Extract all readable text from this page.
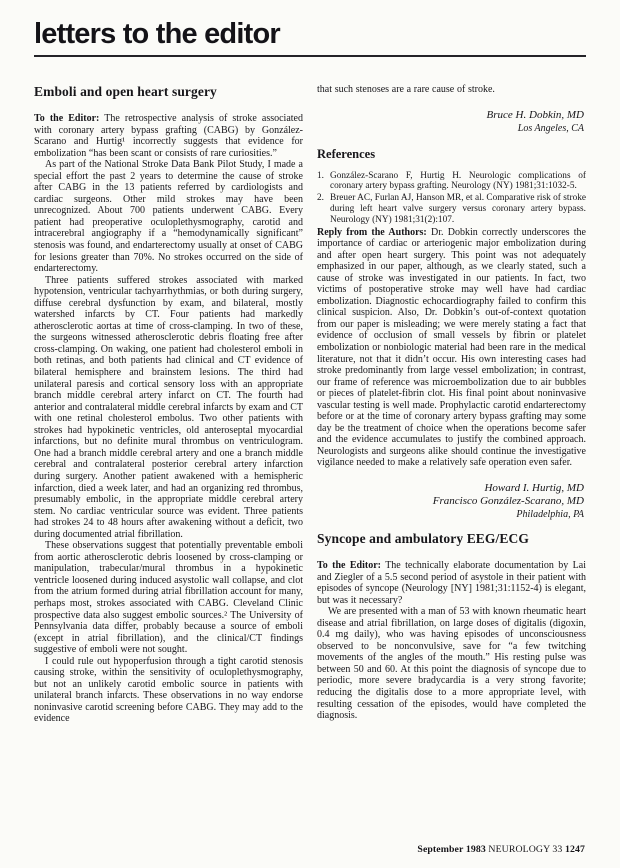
letters to the editor
Emboli and open heart surgery

To the Editor: The retrospective analysis of stroke associated with coronary artery bypass grafting (CABG) by González-Scarano and Hurtig¹ incorrectly suggests that evidence for embolization “has been scant or consists of rare curiosities.”

As part of the National Stroke Data Bank Pilot Study, I made a special effort the past 2 years to determine the cause of stroke after CABG in the 13 patients referred by cardiologists and cardiac surgeons. Other mild strokes may have been unrecognized. About 700 patients underwent CABG. Every patient had preoperative oculoplethysmography, carotid and intracerebral angiography if a “hemodynamically significant” stenosis was found, and endarterectomy usually at onset of CABG for lesions greater than 70%. No strokes occurred on the side of endarterectomy.

Three patients suffered strokes associated with marked hypotension, ventricular tachyarrhythmias, or both during surgery, diffuse cerebral dysfunction by exam, and bilateral, mostly watershed infarcts by CT. Four patients had markedly atherosclerotic aortas at time of cross-clamping. In two of these, the surgeons witnessed atherosclerotic debris floating free after cross-clamping. On waking, one patient had cholesterol emboli in both retinas, and both patients had clinical and CT evidence of bilateral hemisphere and brainstem lesions. The third had unilateral paresis and cortical sensory loss with an appropriate branch middle cerebral artery infarct on CT. The fourth had anterior and contralateral middle cerebral infarcts by exam and CT with one retinal cholesterol embolus. Two other patients with strokes had hypokinetic ventricles, old anteroseptal myocardial infarctions, but no definite mural thrombus on ventriculogram. One had a branch middle cerebral artery and one a branch middle cerebral and contralateral posterior cerebral artery infarction during surgery. Another patient awakened with a hemispheric infarction, died a week later, and had an organizing red thrombus, presumably embolic, in the appropriate middle cerebral artery stem. No cardiac ventricular source was evident. Three patients had strokes 24 to 48 hours after awakening without a deficit, two during documented atrial fibrillation.

These observations suggest that potentially preventable emboli from aortic atherosclerotic debris loosened by cross-clamping or manipulation, trabecular/mural thrombus in a hypokinetic ventricle loosened during induced asystolic wall collapse, and clot from the atrium formed during atrial fibrillation account for many, perhaps most, strokes associated with CABG. Cleveland Clinic prospective data also suggest embolic sources.² The University of Pennsylvania data differ, probably because a source of emboli (except in atrial fibrillation), and the clinical/CT findings suggestive of emboli were not sought.

I could rule out hypoperfusion through a tight carotid stenosis causing stroke, within the sensitivity of oculoplethysmography, but not an unlikely carotid embolic source in patients with unilateral branch infarcts. These observations in no way endorse noninvasive carotid screening before CABG. They may add to the evidence

that such stenoses are a rare cause of stroke.

Bruce H. Dobkin, MD
Los Angeles, CA
References
1. González-Scarano F, Hurtig H. Neurologic complications of coronary artery bypass grafting. Neurology (NY) 1981;31:1032-5.
2. Breuer AC, Furlan AJ, Hanson MR, et al. Comparative risk of stroke during left heart valve surgery versus coronary artery bypass. Neurology (NY) 1981;31(2):107.

Reply from the Authors: Dr. Dobkin correctly underscores the importance of cardiac or arteriogenic major embolization during and after open heart surgery. This point was not adequately emphasized in our paper, although, as we clearly stated, such a cause of stroke was investigated in our patients. In fact, two victims of postoperative stroke may well have had cardiac embolization. Diagnostic echocardiography failed to confirm this clinical suspicion. Also, Dr. Dobkin’s out-of-context quotation from our paper is misleading; we were merely stating a fact that evidence of occlusion of small vessels by fibrin or platelet embolization or nonbiologic material had been rare in the medical literature, not that it didn’t occur. His own interesting cases had stroke predominantly from large vessel embolization; in contrast, our frame of reference was microembolization due to air bubbles or pieces of platelet-fibrin clot. His final point about noninvasive vascular testing is well made. Prophylactic carotid endarterectomy before or at the time of coronary artery bypass grafting may some day be the treatment of choice when the operations become safer and the evidence accumulates to justify the combined approach. Neurologists and surgeons alike should continue the investigative vigilance needed to make a relatively safe operation even safer.

Howard I. Hurtig, MD
Francisco González-Scarano, MD
Philadelphia, PA
Syncope and ambulatory EEG/ECG

To the Editor: The technically elaborate documentation by Lai and Ziegler of a 5.5 second period of asystole in their patient with episodes of syncope (Neurology [NY] 1981;31:1152-4) is elegant, but was it necessary?

We are presented with a man of 53 with known rheumatic heart disease and atrial fibrillation, on large doses of digitalis (digoxin, 0.4 mg daily), who was having episodes of unconsciousness observed to be nonconvulsive, save for “a few twitching movements of the angles of the mouth.” His resting pulse was between 50 and 60. At this point the diagnosis of syncope due to periodic, more severe bradycardia is a very strong favorite; reducing the digitalis dose to a more appropriate level, with resulting cessation of the episodes, would have completed the diagnosis.

September 1983 NEUROLOGY 33 1247
